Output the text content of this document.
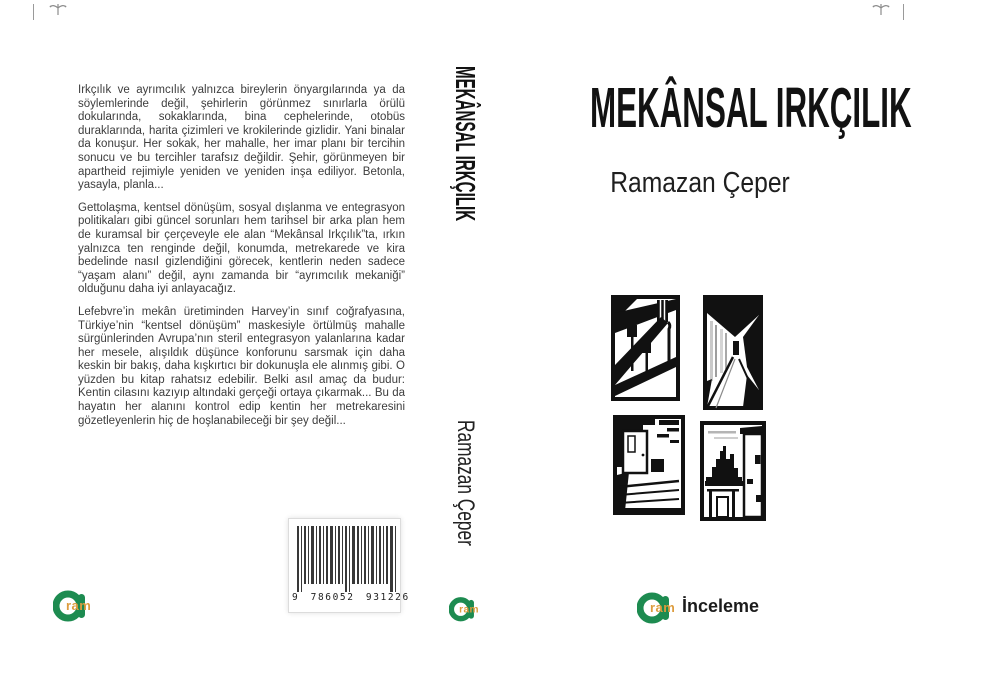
Irkçılık ve ayrımcılık yalnızca bireylerin önyargılarında ya da söylemlerinde değil, şehirlerin görünmez sınırlarla örülü dokularında, sokaklarında, bina cephelerinde, otobüs duraklarında, harita çizimleri ve krokilerinde gizlidir. Yani binalar da konuşur. Her sokak, her mahalle, her imar planı bir tercihin sonucu ve bu tercihler tarafsız değildir. Şehir, görünmeyen bir apartheid rejimiyle yeniden ve yeniden inşa ediliyor. Betonla, yasayla, planla...

Gettolaşma, kentsel dönüşüm, sosyal dışlanma ve entegrasyon politikaları gibi güncel sorunları hem tarihsel bir arka plan hem de kuramsal bir çerçeveyle ele alan “Mekânsal Irkçılık”ta, ırkın yalnızca ten renginde değil, konumda, metrekarede ve kira bedelinde nasıl gizlendiğini görecek, kentlerin neden sadece “yaşam alanı” değil, aynı zamanda bir “ayrımcılık mekaniği” olduğunu daha iyi anlayacağız.

Lefebvre’in mekân üretiminden Harvey’in sınıf coğrafyasına, Türkiye’nin “kentsel dönüşüm” maskesiyle örtülmüş mahalle sürgünlerinden Avrupa’nın steril entegrasyon yalanlarına kadar her mesele, alışıldık düşünce konforunu sarsmak için daha keskin bir bakış, daha kışkırtıcı bir dokunuşla ele alınmış gibi. O yüzden bu kitap rahatsız edebilir. Belki asıl amaç da budur: Kentin cilasını kazıyıp altındaki gerçeği ortaya çıkarmak... Bu da hayatın her alanını kontrol edip kentin her metrekaresini gözetleyenlerin hiç de hoşlanabileceği bir şey değil...

9 786052 931226
ram
MEKÂNSAL IRKÇILIK
Ramazan Çeper
ram
MEKÂNSAL IRKÇILIK
Ramazan Çeper
ram İnceleme
